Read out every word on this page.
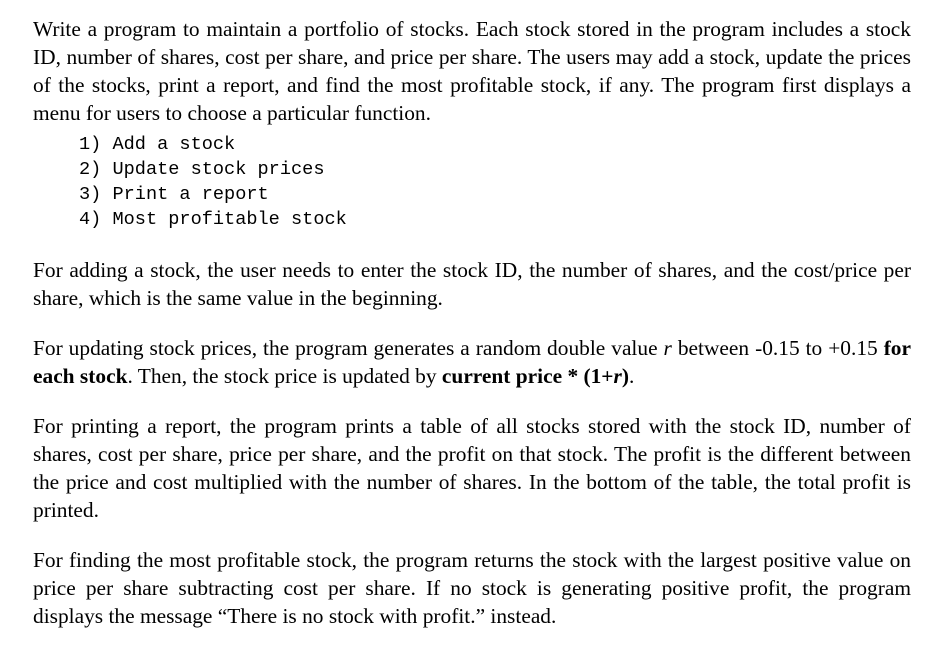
Write a program to maintain a portfolio of stocks. Each stock stored in the program includes a stock ID, number of shares, cost per share, and price per share. The users may add a stock, update the prices of the stocks, print a report, and find the most profitable stock, if any. The program first displays a menu for users to choose a particular function.

1) Add a stock
2) Update stock prices
3) Print a report
4) Most profitable stock

For adding a stock, the user needs to enter the stock ID, the number of shares, and the cost/price per share, which is the same value in the beginning.

For updating stock prices, the program generates a random double value r between -0.15 to +0.15 for each stock. Then, the stock price is updated by current price * (1+r).

For printing a report, the program prints a table of all stocks stored with the stock ID, number of shares, cost per share, price per share, and the profit on that stock. The profit is the different between the price and cost multiplied with the number of shares. In the bottom of the table, the total profit is printed.

For finding the most profitable stock, the program returns the stock with the largest positive value on price per share subtracting cost per share. If no stock is generating positive profit, the program displays the message “There is no stock with profit.” instead.
